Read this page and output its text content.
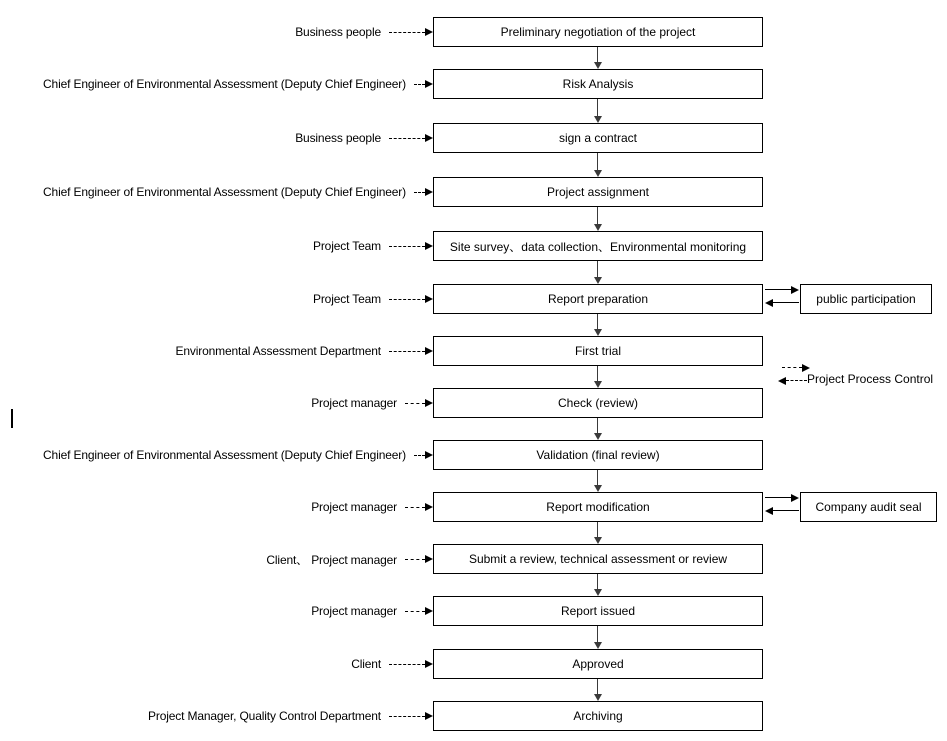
Business people	Preliminary negotiation of the project
Chief Engineer of Environmental Assessment (Deputy Chief Engineer)	Risk Analysis
Business people	sign a contract
Chief Engineer of Environmental Assessment (Deputy Chief Engineer)	Project assignment
Project Team	Site survey、data collection、Environmental monitoring
Project Team	Report preparation
Environmental Assessment Department	First trial
Project manager	Check (review)
Chief Engineer of Environmental Assessment (Deputy Chief Engineer)	Validation (final review)
Project manager	Report modification
Client、 Project manager	Submit a review, technical assessment or review
Project manager	Report issued
Client	Approved
Project Manager, Quality Control Department	Archiving
public participation
Project Process Control
Company audit seal
